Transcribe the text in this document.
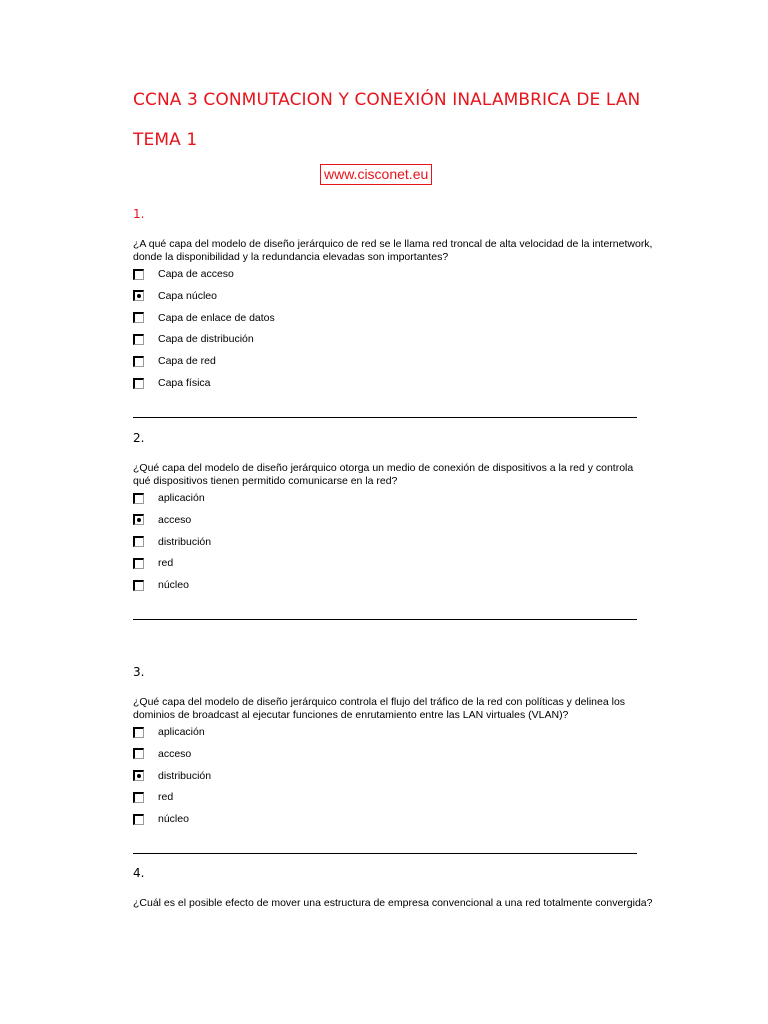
CCNA 3 CONMUTACION Y CONEXIÓN INALAMBRICA DE LAN
TEMA 1
www.cisconet.eu
1.
¿A qué capa del modelo de diseño jerárquico de red se le llama red troncal de alta velocidad de la internetwork, donde la disponibilidad y la redundancia elevadas son importantes?
Capa de acceso
Capa núcleo
Capa de enlace de datos
Capa de distribución
Capa de red
Capa física
2.
¿Qué capa del modelo de diseño jerárquico otorga un medio de conexión de dispositivos a la red y controla qué dispositivos tienen permitido comunicarse en la red?
aplicación
acceso
distribución
red
núcleo
3.
¿Qué capa del modelo de diseño jerárquico controla el flujo del tráfico de la red con políticas y delinea los dominios de broadcast al ejecutar funciones de enrutamiento entre las LAN virtuales (VLAN)?
aplicación
acceso
distribución
red
núcleo
4.
¿Cuál es el posible efecto de mover una estructura de empresa convencional a una red totalmente convergida?
